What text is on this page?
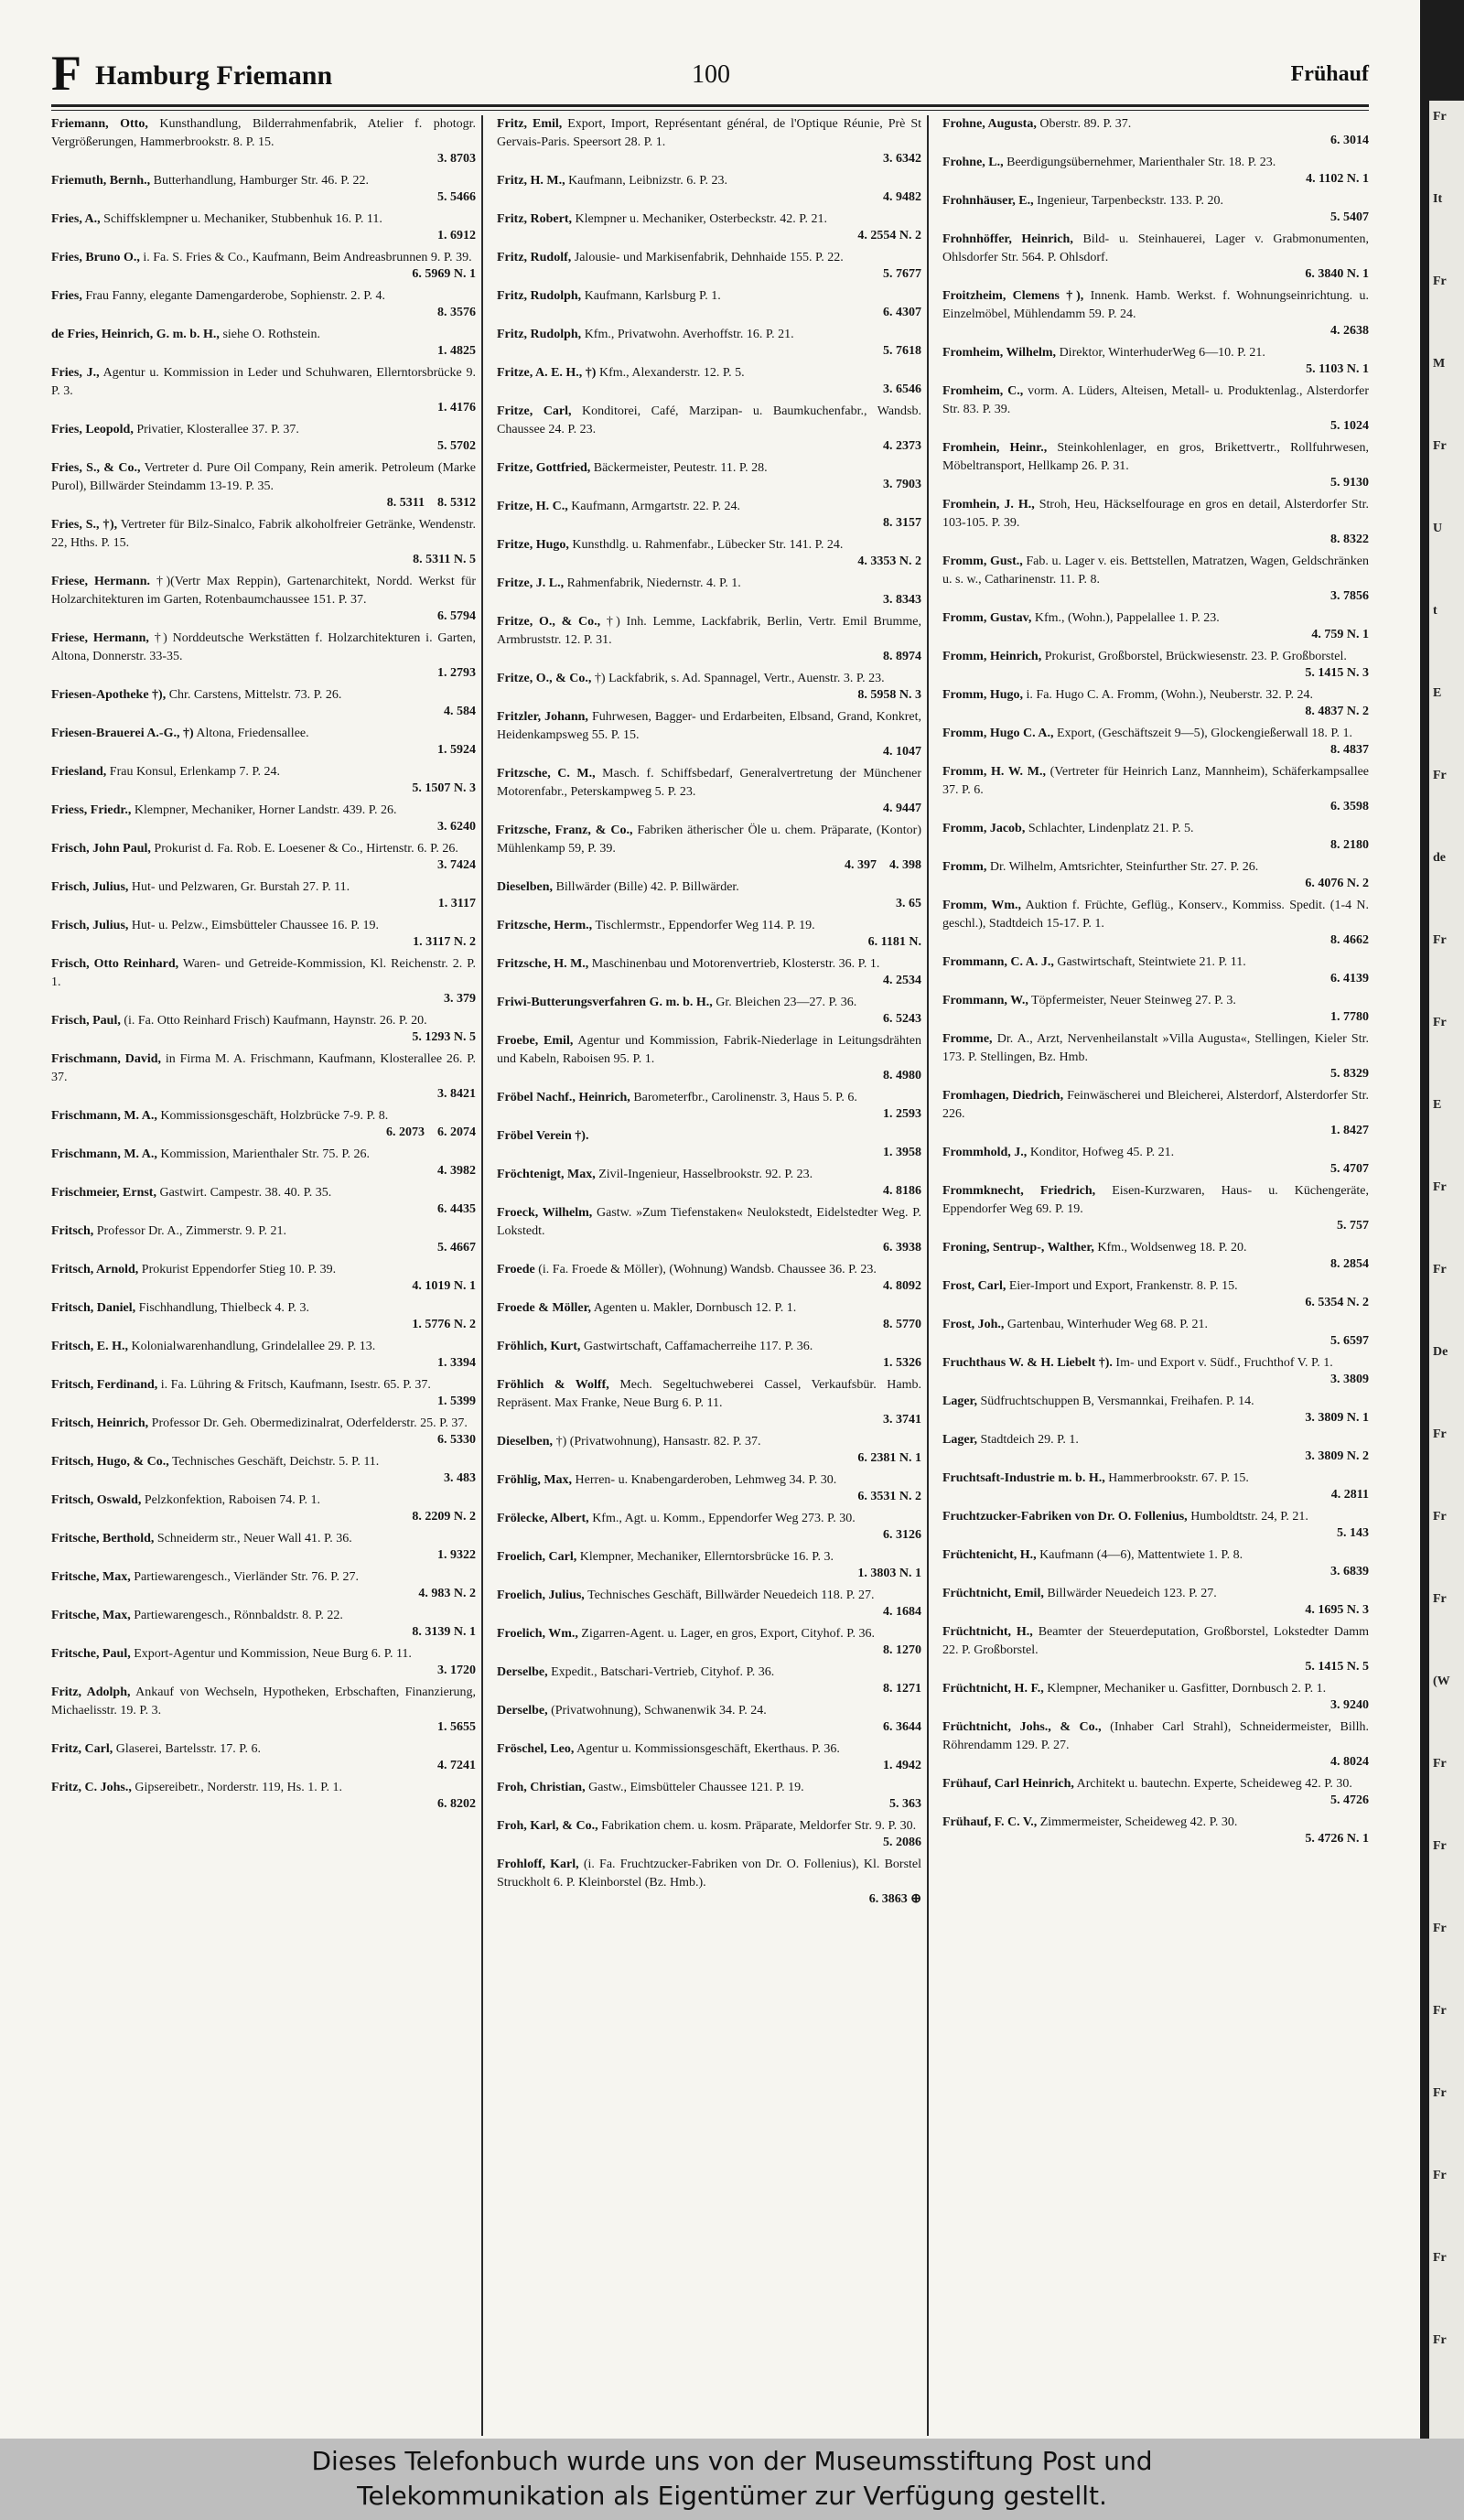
F Hamburg Friemann	100	Frühauf
Friemann, Otto, Kunsthandlung, Bilderrahmenfabrik, Atelier f. photogr. Vergrößerungen, Hammerbrookstr. 8. P. 15.
3. 8703
Friemuth, Bernh., Butterhandlung, Hamburger Str. 46. P. 22.
5. 5466
Fries, A., Schiffsklempner u. Mechaniker, Stubbenhuk 16. P. 11.
1. 6912
Fries, Bruno O., i. Fa. S. Fries & Co., Kaufmann, Beim Andreasbrunnen 9. P. 39.
6. 5969 N. 1
Fries, Frau Fanny, elegante Damengarderobe, Sophienstr. 2. P. 4.
8. 3576
de Fries, Heinrich, G. m. b. H., siehe O. Rothstein.
1. 4825
Fries, J., Agentur u. Kommission in Leder und Schuhwaren, Ellerntorsbrücke 9. P. 3.
1. 4176
Fries, Leopold, Privatier, Klosterallee 37. P. 37.
5. 5702
Fries, S., & Co., Vertreter d. Pure Oil Company, Rein amerik. Petroleum (Marke Purol), Billwärder Steindamm 13-19. P. 35.
8. 5311 8. 5312
Fries, S., †), Vertreter für Bilz-Sinalco, Fabrik alkoholfreier Getränke, Wendenstr. 22, Hths. P. 15.
8. 5311 N. 5
Friese, Hermann. †)(Vertr Max Reppin), Gartenarchitekt, Nordd. Werkst für Holzarchitekturen im Garten, Rotenbaumchaussee 151. P. 37.
6. 5794
Friese, Hermann, †) Norddeutsche Werkstätten f. Holzarchitekturen i. Garten, Altona, Donnerstr. 33-35.
1. 2793
Friesen-Apotheke †), Chr. Carstens, Mittelstr. 73. P. 26.
4. 584
Friesen-Brauerei A.-G., †) Altona, Friedensallee.
1. 5924
Friesland, Frau Konsul, Erlenkamp 7. P. 24.
5. 1507 N. 3
Friess, Friedr., Klempner, Mechaniker, Horner Landstr. 439. P. 26.
3. 6240
Frisch, John Paul, Prokurist d. Fa. Rob. E. Loesener & Co., Hirtenstr. 6. P. 26.
3. 7424
Frisch, Julius, Hut- und Pelzwaren, Gr. Burstah 27. P. 11.
1. 3117
Frisch, Julius, Hut- u. Pelzw., Eimsbütteler Chaussee 16. P. 19.
1. 3117 N. 2
Frisch, Otto Reinhard, Waren- und Getreide-Kommission, Kl. Reichenstr. 2. P. 1.
3. 379
Frisch, Paul, (i. Fa. Otto Reinhard Frisch) Kaufmann, Haynstr. 26. P. 20.
5. 1293 N. 5
Frischmann, David, in Firma M. A. Frischmann, Kaufmann, Klosterallee 26. P. 37.
3. 8421
Frischmann, M. A., Kommissionsgeschäft, Holzbrücke 7-9. P. 8.
6. 2073 6. 2074
Frischmann, M. A., Kommission, Marienthaler Str. 75. P. 26.
4. 3982
Frischmeier, Ernst, Gastwirt. Campestr. 38. 40. P. 35.
6. 4435
Fritsch, Professor Dr. A., Zimmerstr. 9. P. 21.
5. 4667
Fritsch, Arnold, Prokurist Eppendorfer Stieg 10. P. 39.
4. 1019 N. 1
Fritsch, Daniel, Fischhandlung, Thielbeck 4. P. 3.
1. 5776 N. 2
Fritsch, E. H., Kolonialwarenhandlung, Grindelallee 29. P. 13.
1. 3394
Fritsch, Ferdinand, i. Fa. Lühring & Fritsch, Kaufmann, Isestr. 65. P. 37.
1. 5399
Fritsch, Heinrich, Professor Dr. Geh. Obermedizinalrat, Oderfelderstr. 25. P. 37.
6. 5330
Fritsch, Hugo, & Co., Technisches Geschäft, Deichstr. 5. P. 11.
3. 483
Fritsch, Oswald, Pelzkonfektion, Raboisen 74. P. 1.
8. 2209 N. 2
Fritsche, Berthold, Schneiderm str., Neuer Wall 41. P. 36.
1. 9322
Fritsche, Max, Partiewarengesch., Vierländer Str. 76. P. 27.
4. 983 N. 2
Fritsche, Max, Partiewarengesch., Rönnbaldstr. 8. P. 22.
8. 3139 N. 1
Fritsche, Paul, Export-Agentur und Kommission, Neue Burg 6. P. 11.
3. 1720
Fritz, Adolph, Ankauf von Wechseln, Hypotheken, Erbschaften, Finanzierung, Michaelisstr. 19. P. 3.
1. 5655
Fritz, Carl, Glaserei, Bartelsstr. 17. P. 6.
4. 7241
Fritz, C. Johs., Gipsereibetr., Norderstr. 119, Hs. 1. P. 1.
6. 8202
Fritz, Emil, Export, Import, Représentant général, de l'Optique Réunie, Prè St Gervais-Paris. Speersort 28. P. 1.
3. 6342
Fritz, H. M., Kaufmann, Leibnizstr. 6. P. 23.
4. 9482
Fritz, Robert, Klempner u. Mechaniker, Osterbeckstr. 42. P. 21.
4. 2554 N. 2
Fritz, Rudolf, Jalousie- und Markisenfabrik, Dehnhaide 155. P. 22.
5. 7677
Fritz, Rudolph, Kaufmann, Karlsburg P. 1.
6. 4307
Fritz, Rudolph, Kfm., Privatwohn. Averhoffstr. 16. P. 21.
5. 7618
Fritze, A. E. H., †) Kfm., Alexanderstr. 12. P. 5.
3. 6546
Fritze, Carl, Konditorei, Café, Marzipan- u. Baumkuchenfabr., Wandsb. Chaussee 24. P. 23.
4. 2373
Fritze, Gottfried, Bäckermeister, Peutestr. 11. P. 28.
3. 7903
Fritze, H. C., Kaufmann, Armgartstr. 22. P. 24.
8. 3157
Fritze, Hugo, Kunsthdlg. u. Rahmenfabr., Lübecker Str. 141. P. 24.
4. 3353 N. 2
Fritze, J. L., Rahmenfabrik, Niedernstr. 4. P. 1.
3. 8343
Fritze, O., & Co., †) Inh. Lemme, Lackfabrik, Berlin, Vertr. Emil Brumme, Armbruststr. 12. P. 31.
8. 8974
Fritze, O., & Co., †) Lackfabrik, s. Ad. Spannagel, Vertr., Auenstr. 3. P. 23.
8. 5958 N. 3
Fritzler, Johann, Fuhrwesen, Bagger- und Erdarbeiten, Elbsand, Grand, Konkret, Heidenkampsweg 55. P. 15.
4. 1047
Fritzsche, C. M., Masch. f. Schiffsbedarf, Generalvertretung der Münchener Motorenfabr., Peterskampweg 5. P. 23.
4. 9447
Fritzsche, Franz, & Co., Fabriken ätherischer Öle u. chem. Präparate, (Kontor) Mühlenkamp 59, P. 39.
4. 397 4. 398
Dieselben, Billwärder (Bille) 42. P. Billwärder.
3. 65
Fritzsche, Herm., Tischlermstr., Eppendorfer Weg 114. P. 19.
6. 1181 N.
Fritzsche, H. M., Maschinenbau und Motorenvertrieb, Klosterstr. 36. P. 1.
4. 2534
Friwi-Butterungsverfahren G. m. b. H., Gr. Bleichen 23—27. P. 36.
6. 5243
Froebe, Emil, Agentur und Kommission, Fabrik-Niederlage in Leitungsdrähten und Kabeln, Raboisen 95. P. 1.
8. 4980
Fröbel Nachf., Heinrich, Barometerfbr., Carolinenstr. 3, Haus 5. P. 6.
1. 2593
Fröbel Verein †).
1. 3958
Fröchtenigt, Max, Zivil-Ingenieur, Hasselbrookstr. 92. P. 23.
4. 8186
Froeck, Wilhelm, Gastw. »Zum Tiefenstaken« Neulokstedt, Eidelstedter Weg. P. Lokstedt.
6. 3938
Froede (i. Fa. Froede & Möller), (Wohnung) Wandsb. Chaussee 36. P. 23.
4. 8092
Froede & Möller, Agenten u. Makler, Dornbusch 12. P. 1.
8. 5770
Fröhlich, Kurt, Gastwirtschaft, Caffamacherreihe 117. P. 36.
1. 5326
Fröhlich & Wolff, Mech. Segeltuchweberei Cassel, Verkaufsbür. Hamb. Repräsent. Max Franke, Neue Burg 6. P. 11.
3. 3741
Dieselben, †) (Privatwohnung), Hansastr. 82. P. 37.
6. 2381 N. 1
Fröhlig, Max, Herren- u. Knabengarderoben, Lehmweg 34. P. 30.
6. 3531 N. 2
Frölecke, Albert, Kfm., Agt. u. Komm., Eppendorfer Weg 273. P. 30.
6. 3126
Froelich, Carl, Klempner, Mechaniker, Ellerntorsbrücke 16. P. 3.
1. 3803 N. 1
Froelich, Julius, Technisches Geschäft, Billwärder Neuedeich 118. P. 27.
4. 1684
Froelich, Wm., Zigarren-Agent. u. Lager, en gros, Export, Cityhof. P. 36.
8. 1270
Derselbe, Expedit., Batschari-Vertrieb, Cityhof. P. 36.
8. 1271
Derselbe, (Privatwohnung), Schwanenwik 34. P. 24.
6. 3644
Fröschel, Leo, Agentur u. Kommissionsgeschäft, Ekerthaus. P. 36.
1. 4942
Froh, Christian, Gastw., Eimsbütteler Chaussee 121. P. 19.
5. 363
Froh, Karl, & Co., Fabrikation chem. u. kosm. Präparate, Meldorfer Str. 9. P. 30.
5. 2086
Frohloff, Karl, (i. Fa. Fruchtzucker-Fabriken von Dr. O. Follenius), Kl. Borstel Struckholt 6. P. Kleinborstel (Bz. Hmb.).
6. 3863 ⊕
Frohne, Augusta, Oberstr. 89. P. 37.
6. 3014
Frohne, L., Beerdigungsübernehmer, Marienthaler Str. 18. P. 23.
4. 1102 N. 1
Frohnhäuser, E., Ingenieur, Tarpenbeckstr. 133. P. 20.
5. 5407
Frohnhöffer, Heinrich, Bild- u. Steinhauerei, Lager v. Grabmonumenten, Ohlsdorfer Str. 564. P. Ohlsdorf.
6. 3840 N. 1
Froitzheim, Clemens †), Innenk. Hamb. Werkst. f. Wohnungseinrichtung. u. Einzelmöbel, Mühlendamm 59. P. 24.
4. 2638
Fromheim, Wilhelm, Direktor, WinterhuderWeg 6—10. P. 21.
5. 1103 N. 1
Fromheim, C., vorm. A. Lüders, Alteisen, Metall- u. Produktenlag., Alsterdorfer Str. 83. P. 39.
5. 1024
Fromhein, Heinr., Steinkohlenlager, en gros, Brikettvertr., Rollfuhrwesen, Möbeltransport, Hellkamp 26. P. 31.
5. 9130
Fromhein, J. H., Stroh, Heu, Häckselfourage en gros en detail, Alsterdorfer Str. 103-105. P. 39.
8. 8322
Fromm, Gust., Fab. u. Lager v. eis. Bettstellen, Matratzen, Wagen, Geldschränken u. s. w., Catharinenstr. 11. P. 8.
3. 7856
Fromm, Gustav, Kfm., (Wohn.), Pappelallee 1. P. 23.
4. 759 N. 1
Fromm, Heinrich, Prokurist, Großborstel, Brückwiesenstr. 23. P. Großborstel.
5. 1415 N. 3
Fromm, Hugo, i. Fa. Hugo C. A. Fromm, (Wohn.), Neuberstr. 32. P. 24.
8. 4837 N. 2
Fromm, Hugo C. A., Export, (Geschäftszeit 9—5), Glockengießerwall 18. P. 1.
8. 4837
Fromm, H. W. M., (Vertreter für Heinrich Lanz, Mannheim), Schäferkampsallee 37. P. 6.
6. 3598
Fromm, Jacob, Schlachter, Lindenplatz 21. P. 5.
8. 2180
Fromm, Dr. Wilhelm, Amtsrichter, Steinfurther Str. 27. P. 26.
6. 4076 N. 2
Fromm, Wm., Auktion f. Früchte, Geflüg., Konserv., Kommiss. Spedit. (1-4 N. geschl.), Stadtdeich 15-17. P. 1.
8. 4662
Frommann, C. A. J., Gastwirtschaft, Steintwiete 21. P. 11.
6. 4139
Frommann, W., Töpfermeister, Neuer Steinweg 27. P. 3.
1. 7780
Fromme, Dr. A., Arzt, Nervenheilanstalt »Villa Augusta«, Stellingen, Kieler Str. 173. P. Stellingen, Bz. Hmb.
5. 8329
Fromhagen, Diedrich, Feinwäscherei und Bleicherei, Alsterdorf, Alsterdorfer Str. 226.
1. 8427
Frommhold, J., Konditor, Hofweg 45. P. 21.
5. 4707
Frommknecht, Friedrich, Eisen-Kurzwaren, Haus- u. Küchengeräte, Eppendorfer Weg 69. P. 19.
5. 757
Froning, Sentrup-, Walther, Kfm., Woldsenweg 18. P. 20.
8. 2854
Frost, Carl, Eier-Import und Export, Frankenstr. 8. P. 15.
6. 5354 N. 2
Frost, Joh., Gartenbau, Winterhuder Weg 68. P. 21.
5. 6597
Fruchthaus W. & H. Liebelt †). Im- und Export v. Südf., Fruchthof V. P. 1.
3. 3809
Lager, Südfruchtschuppen B, Versmannkai, Freihafen. P. 14.
3. 3809 N. 1
Lager, Stadtdeich 29. P. 1.
3. 3809 N. 2
Fruchtsaft-Industrie m. b. H., Hammerbrookstr. 67. P. 15.
4. 2811
Fruchtzucker-Fabriken von Dr. O. Follenius, Humboldtstr. 24, P. 21.
5. 143
Früchtenicht, H., Kaufmann (4—6), Mattentwiete 1. P. 8.
3. 6839
Früchtnicht, Emil, Billwärder Neuedeich 123. P. 27.
4. 1695 N. 3
Früchtnicht, H., Beamter der Steuerdeputation, Großborstel, Lokstedter Damm 22. P. Großborstel.
5. 1415 N. 5
Früchtnicht, H. F., Klempner, Mechaniker u. Gasfitter, Dornbusch 2. P. 1.
3. 9240
Früchtnicht, Johs., & Co., (Inhaber Carl Strahl), Schneidermeister, Billh. Röhrendamm 129. P. 27.
4. 8024
Frühauf, Carl Heinrich, Architekt u. bautechn. Experte, Scheideweg 42. P. 30.
5. 4726
Frühauf, F. C. V., Zimmermeister, Scheideweg 42. P. 30.
5. 4726 N. 1
Fr
It
Fr
M
Fr
U
t
E
Fr
de
Fr
Fr
E
Fr
Fr
De
Fr
Fr
Fr
(W
Fr
Fr
Fr
Fr
Fr
Fr
Fr
Fr
Dieses Telefonbuch wurde uns von der Museumsstiftung Post und
Telekommunikation als Eigentümer zur Verfügung gestellt.
